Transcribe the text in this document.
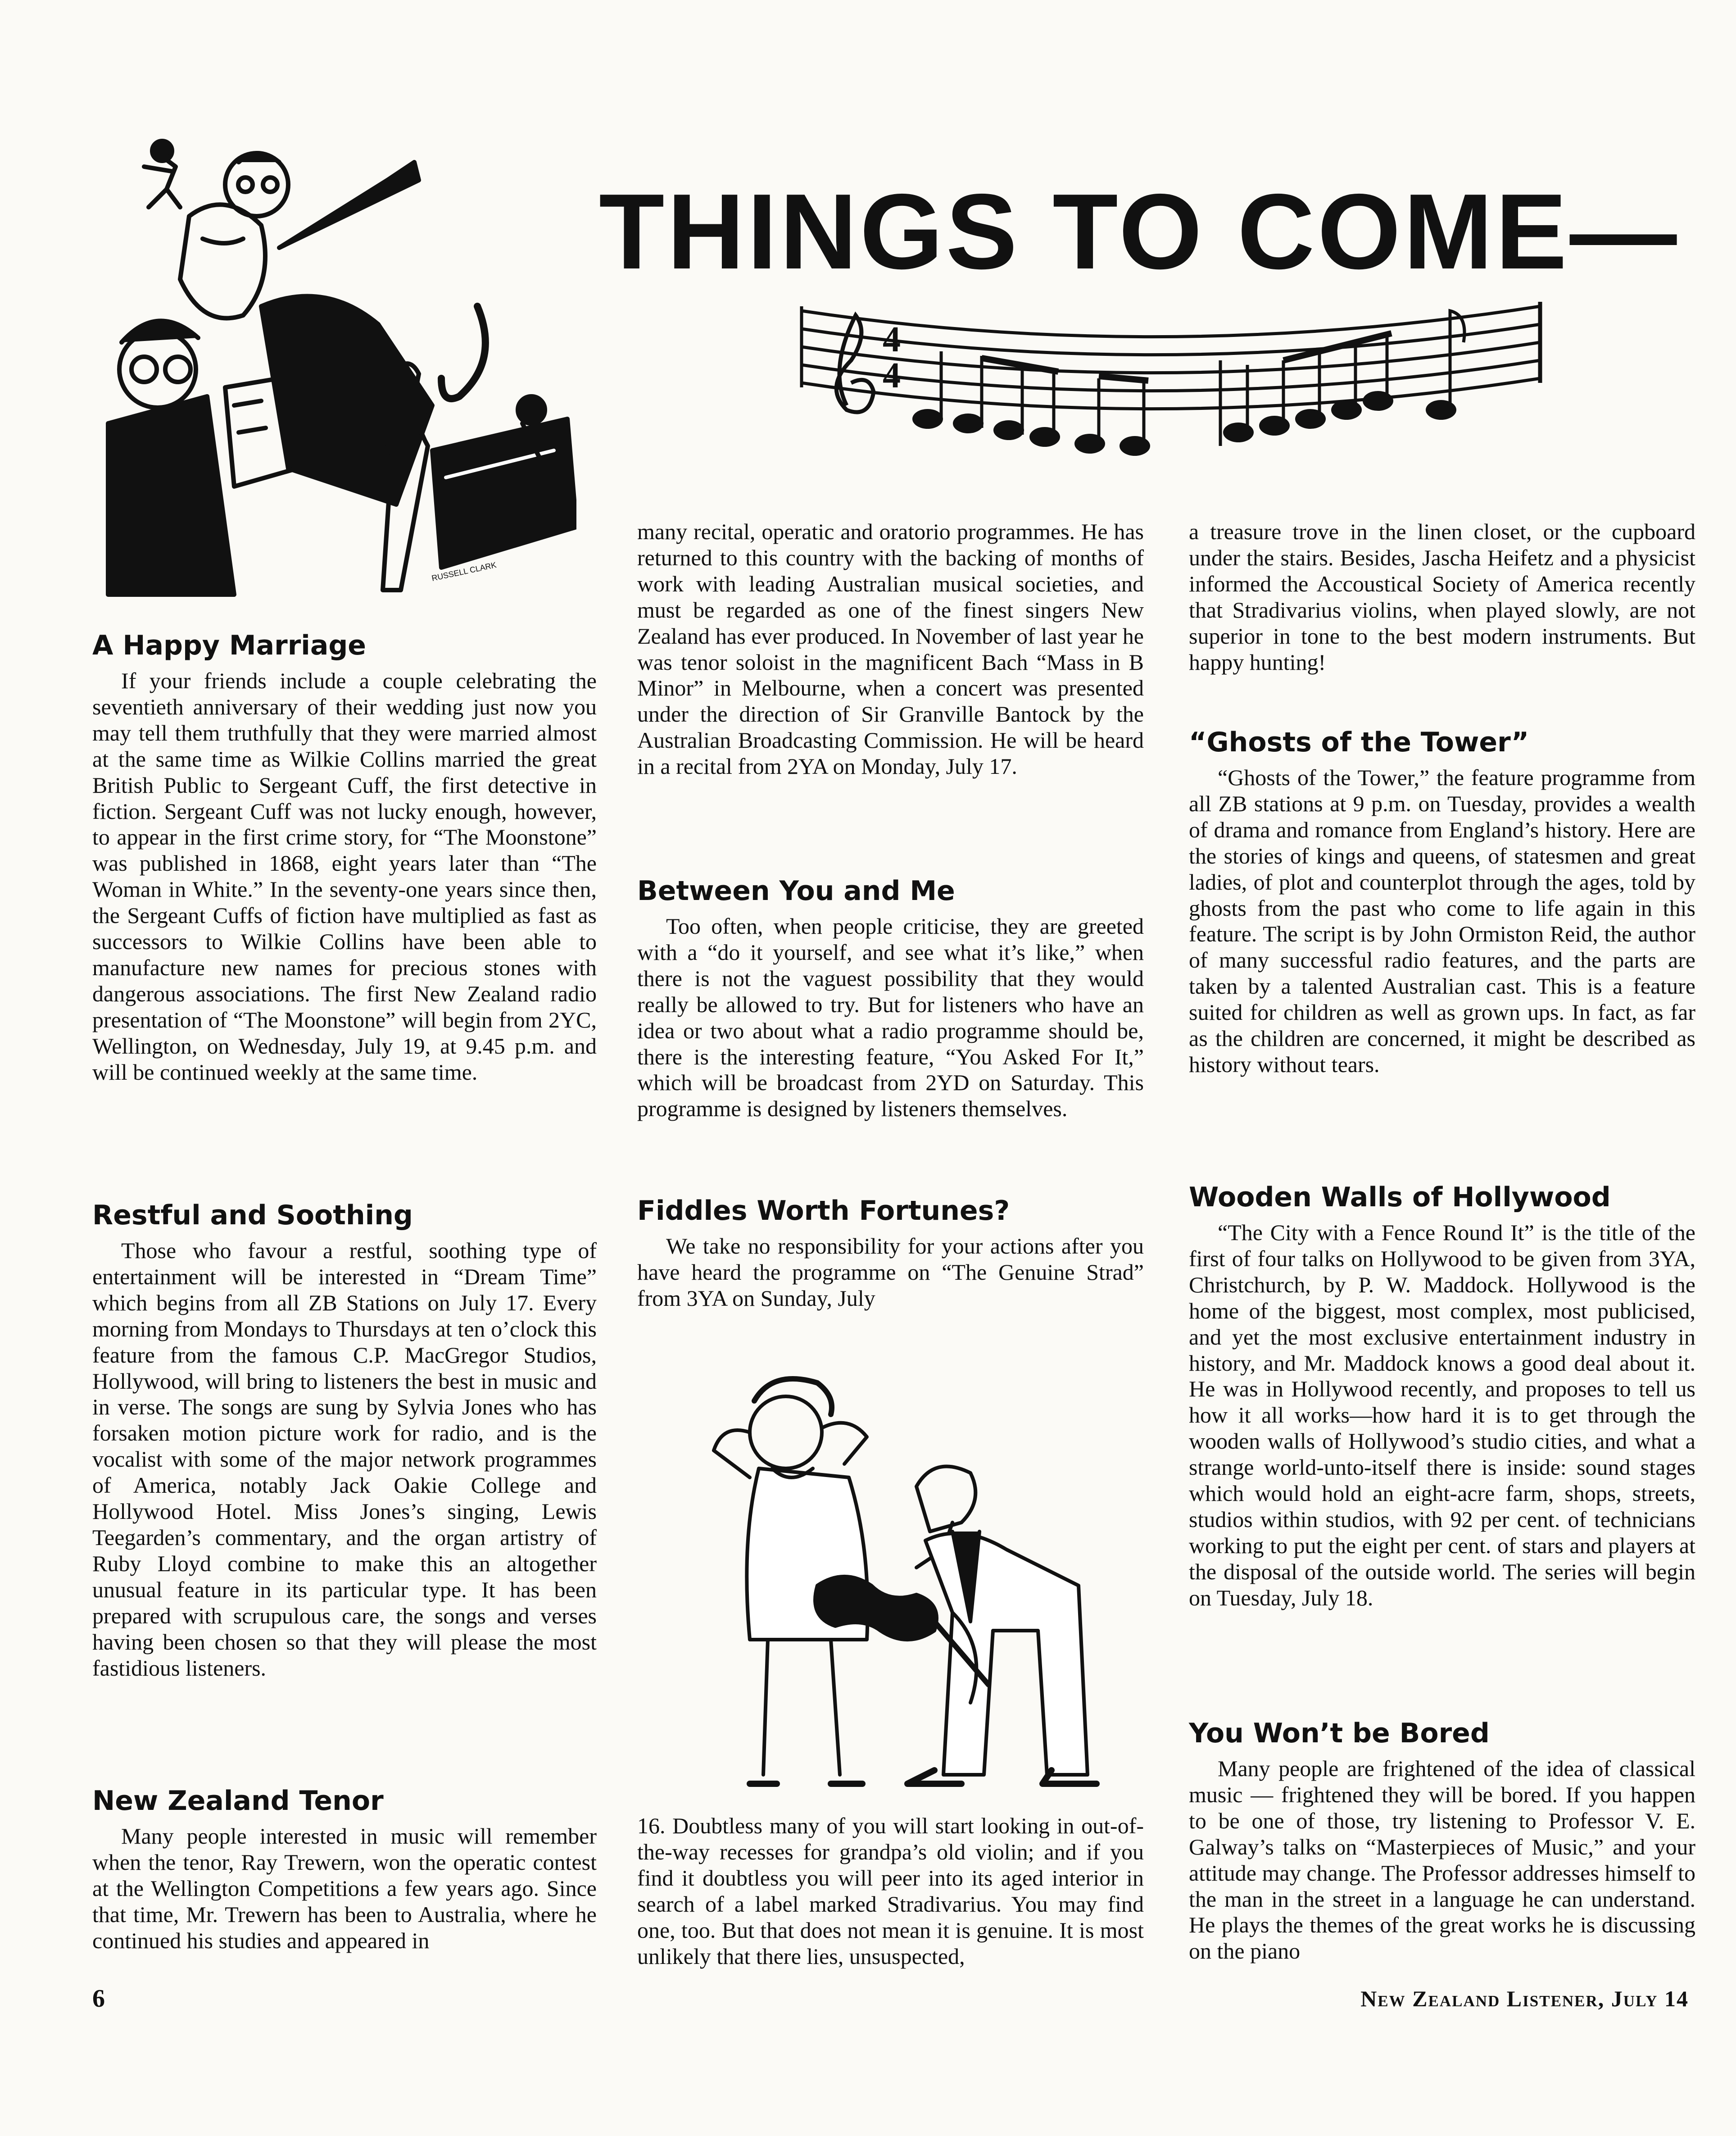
RUSSELL CLARK
THINGS TO COME—
4
4
A Happy Marriage

If your friends include a couple celebrating the seventieth anniversary of their wedding just now you may tell them truthfully that they were married almost at the same time as Wilkie Collins married the great British Public to Sergeant Cuff, the first detective in fiction. Sergeant Cuff was not lucky enough, however, to appear in the first crime story, for “The Moonstone” was published in 1868, eight years later than “The Woman in White.” In the seventy-one years since then, the Sergeant Cuffs of fiction have multiplied as fast as successors to Wilkie Collins have been able to manufacture new names for precious stones with dangerous associations. The first New Zealand radio presentation of “The Moonstone” will begin from 2YC, Wellington, on Wednesday, July 19, at 9.45 p.m. and will be continued weekly at the same time.

Restful and Soothing

Those who favour a restful, soothing type of entertainment will be interested in “Dream Time” which begins from all ZB Stations on July 17. Every morning from Mondays to Thursdays at ten o’clock this feature from the famous C.P. MacGregor Studios, Hollywood, will bring to listeners the best in music and in verse. The songs are sung by Sylvia Jones who has forsaken motion picture work for radio, and is the vocalist with some of the major network programmes of America, notably Jack Oakie College and Hollywood Hotel. Miss Jones’s singing, Lewis Teegarden’s commentary, and the organ artistry of Ruby Lloyd combine to make this an altogether unusual feature in its particular type. It has been prepared with scrupulous care, the songs and verses having been chosen so that they will please the most fastidious listeners.

New Zealand Tenor

Many people interested in music will remember when the tenor, Ray Trewern, won the operatic contest at the Wellington Competitions a few years ago. Since that time, Mr. Trewern has been to Australia, where he continued his studies and appeared in

many recital, operatic and oratorio programmes. He has returned to this country with the backing of months of work with leading Australian musical societies, and must be regarded as one of the finest singers New Zealand has ever produced. In November of last year he was tenor soloist in the magnificent Bach “Mass in B Minor” in Melbourne, when a concert was presented under the direction of Sir Granville Bantock by the Australian Broadcasting Commission. He will be heard in a recital from 2YA on Monday, July 17.

Between You and Me

Too often, when people criticise, they are greeted with a “do it yourself, and see what it’s like,” when there is not the vaguest possibility that they would really be allowed to try. But for listeners who have an idea or two about what a radio programme should be, there is the interesting feature, “You Asked For It,” which will be broadcast from 2YD on Saturday. This programme is designed by listeners themselves.

Fiddles Worth Fortunes?

We take no responsibility for your actions after you have heard the programme on “The Genuine Strad” from 3YA on Sunday, July

16. Doubtless many of you will start looking in out-of-the-way recesses for grandpa’s old violin; and if you find it doubtless you will peer into its aged interior in search of a label marked Stradivarius. You may find one, too. But that does not mean it is genuine. It is most unlikely that there lies, unsuspected,

a treasure trove in the linen closet, or the cupboard under the stairs. Besides, Jascha Heifetz and a physicist informed the Accoustical Society of America recently that Stradivarius violins, when played slowly, are not superior in tone to the best modern instruments. But happy hunting!

“Ghosts of the Tower”

“Ghosts of the Tower,” the feature programme from all ZB stations at 9 p.m. on Tuesday, provides a wealth of drama and romance from England’s history. Here are the stories of kings and queens, of statesmen and great ladies, of plot and counterplot through the ages, told by ghosts from the past who come to life again in this feature. The script is by John Ormiston Reid, the author of many successful radio features, and the parts are taken by a talented Australian cast. This is a feature suited for children as well as grown ups. In fact, as far as the children are concerned, it might be described as history without tears.

Wooden Walls of Hollywood

“The City with a Fence Round It” is the title of the first of four talks on Hollywood to be given from 3YA, Christchurch, by P. W. Maddock. Hollywood is the home of the biggest, most complex, most publicised, and yet the most exclusive entertainment industry in history, and Mr. Maddock knows a good deal about it. He was in Hollywood recently, and proposes to tell us how it all works—how hard it is to get through the wooden walls of Hollywood’s studio cities, and what a strange world-unto-itself there is inside: sound stages which would hold an eight-acre farm, shops, streets, studios within studios, with 92 per cent. of technicians working to put the eight per cent. of stars and players at the disposal of the outside world. The series will begin on Tuesday, July 18.

You Won’t be Bored

Many people are frightened of the idea of classical music — frightened they will be bored. If you happen to be one of those, try listening to Professor V. E. Galway’s talks on “Masterpieces of Music,” and your attitude may change. The Professor addresses himself to the man in the street in a language he can understand. He plays the themes of the great works he is discussing on the piano

6	New Zealand Listener, July 14
